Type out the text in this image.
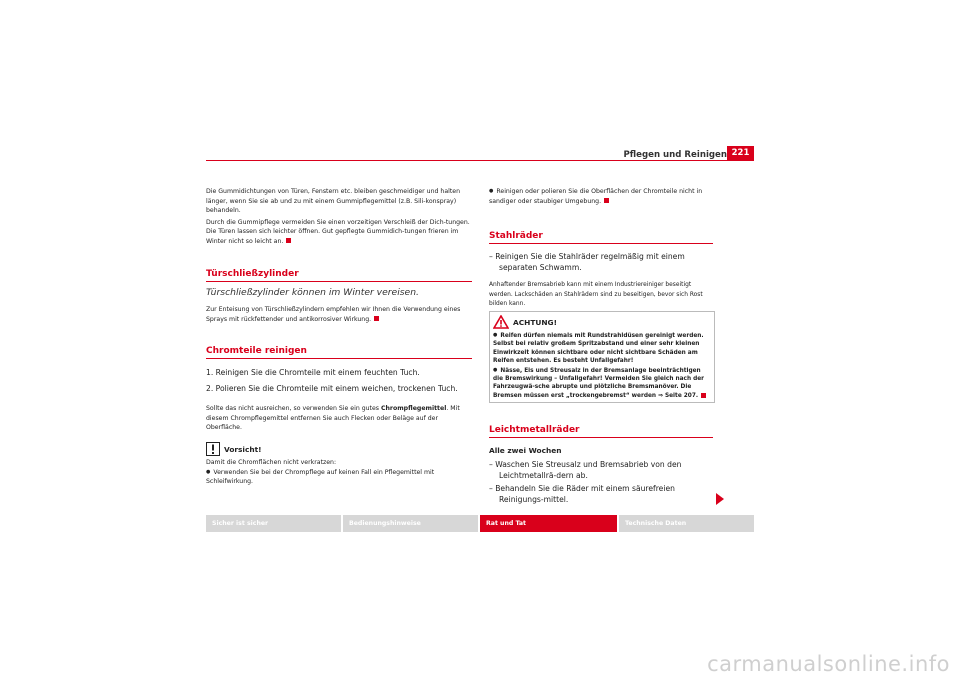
Pflegen und Reinigen 221

Die Gummidichtungen von Türen, Fenstern etc. bleiben geschmeidiger und halten länger, wenn Sie sie ab und zu mit einem Gummipflegemittel (z.B. Sili-konspray) behandeln.

Durch die Gummipflege vermeiden Sie einen vorzeitigen Verschleiß der Dich-tungen. Die Türen lassen sich leichter öffnen. Gut gepflegte Gummidich-tungen frieren im Winter nicht so leicht an.

Türschließzylinder
Türschließzylinder können im Winter vereisen.

Zur Enteisung von Türschließzylindern empfehlen wir Ihnen die Verwendung eines Sprays mit rückfettender und antikorrosiver Wirkung.

Chromteile reinigen
1. Reinigen Sie die Chromteile mit einem feuchten Tuch.
2. Polieren Sie die Chromteile mit einem weichen, trockenen Tuch.

Sollte das nicht ausreichen, so verwenden Sie ein gutes Chrompflegemittel. Mit diesem Chrompflegemittel entfernen Sie auch Flecken oder Beläge auf der Oberfläche.

Vorsicht!

Damit die Chromflächen nicht verkratzen:

● Verwenden Sie bei der Chrompflege auf keinen Fall ein Pflegemittel mit Schleifwirkung.

● Reinigen oder polieren Sie die Oberflächen der Chromteile nicht in sandiger oder staubiger Umgebung.

Stahlräder
– Reinigen Sie die Stahlräder regelmäßig mit einem separaten Schwamm.
Anhaftender Bremsabrieb kann mit einem Industriereiniger beseitigt werden. Lackschäden an Stahlrädern sind zu beseitigen, bevor sich Rost bilden kann.
ACHTUNG!

● Reifen dürfen niemals mit Rundstrahldüsen gereinigt werden. Selbst bei relativ großem Spritzabstand und einer sehr kleinen Einwirkzeit können sichtbare oder nicht sichtbare Schäden am Reifen entstehen. Es besteht Unfallgefahr!

● Nässe, Eis und Streusalz in der Bremsanlage beeinträchtigen die Bremswirkung – Unfallgefahr! Vermeiden Sie gleich nach der Fahrzeugwä-sche abrupte und plötzliche Bremsmanöver. Die Bremsen müssen erst „trockengebremst“ werden ⇒ Seite 207.

Leichtmetallräder
Alle zwei Wochen
– Waschen Sie Streusalz und Bremsabrieb von den Leichtmetallrä-dern ab.
– Behandeln Sie die Räder mit einem säurefreien Reinigungs-mittel.
Sicher ist sicher	Bedienungshinweise	Rat und Tat	Technische Daten
carmanualsonline.info
